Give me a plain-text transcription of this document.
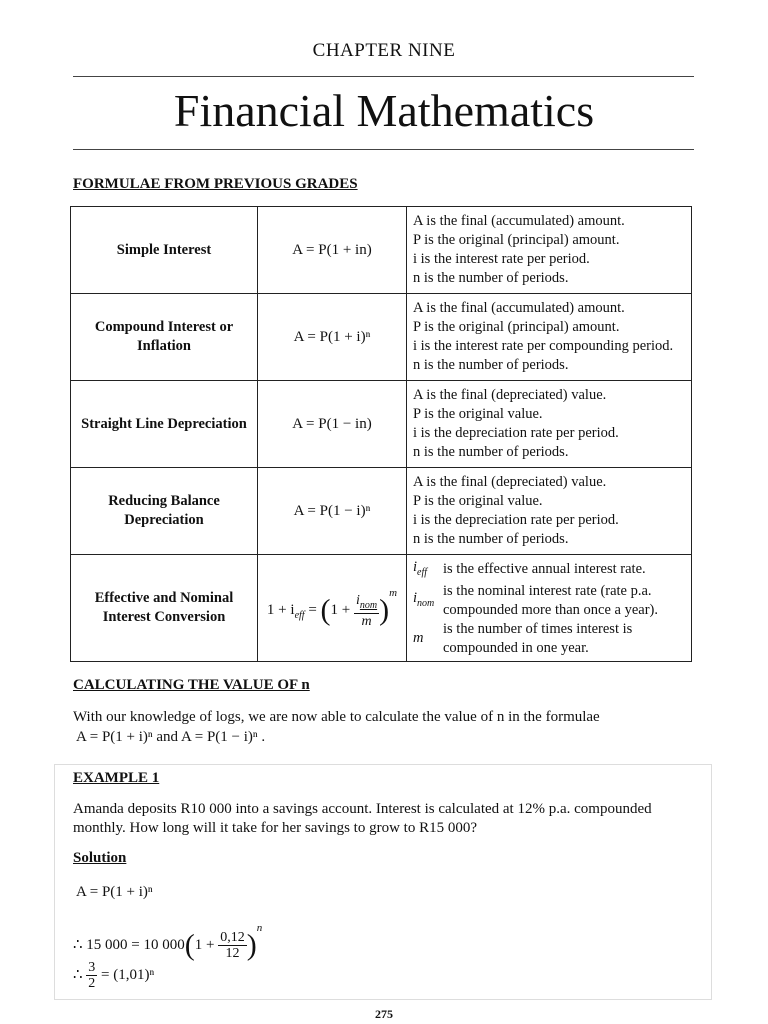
CHAPTER NINE
Financial Mathematics
FORMULAE FROM PREVIOUS GRADES
Simple Interest	A = P(1 + in)	
A is the final (accumulated) amount.
P is the original (principal) amount.
i is the interest rate per period.
n is the number of periods.

Compound Interest or Inflation	A = P(1 + i)ⁿ	
A is the final (accumulated) amount.
P is the original (principal) amount.
i is the interest rate per compounding period.
n is the number of periods.

Straight Line Depreciation	A = P(1 − in)	
A is the final (depreciated) value.
P is the original value.
i is the depreciation rate per period.
n is the number of periods.

Reducing Balance Depreciation	A = P(1 − i)ⁿ	
A is the final (depreciated) value.
P is the original value.
i is the depreciation rate per period.
n is the number of periods.

Effective and Nominal Interest Conversion	$1 + i_{eff} = (1 + \frac{i_{nom}}{m} )^m$	
$i_{eff}$	is the effective annual interest rate.
$i_{nom}$	is the nominal interest rate (rate p.a. compounded more than once a year).
m	is the number of times interest is compounded in one year.
CALCULATING THE VALUE OF n
With our knowledge of logs, we are now able to calculate the value of n in the formulae
A = P(1 + i)ⁿ and A = P(1 − i)ⁿ .
EXAMPLE 1
Amanda deposits R10 000 into a savings account. Interest is calculated at 12% p.a. compounded monthly. How long will it take for her savings to grow to R15 000?
Solution
A = P(1 + i)ⁿ
∴ 15 000 = 10 $000(1 + \frac{0,12}{12} )^n$
∴ $\frac{3}{2} = (1,01)^n$
275
